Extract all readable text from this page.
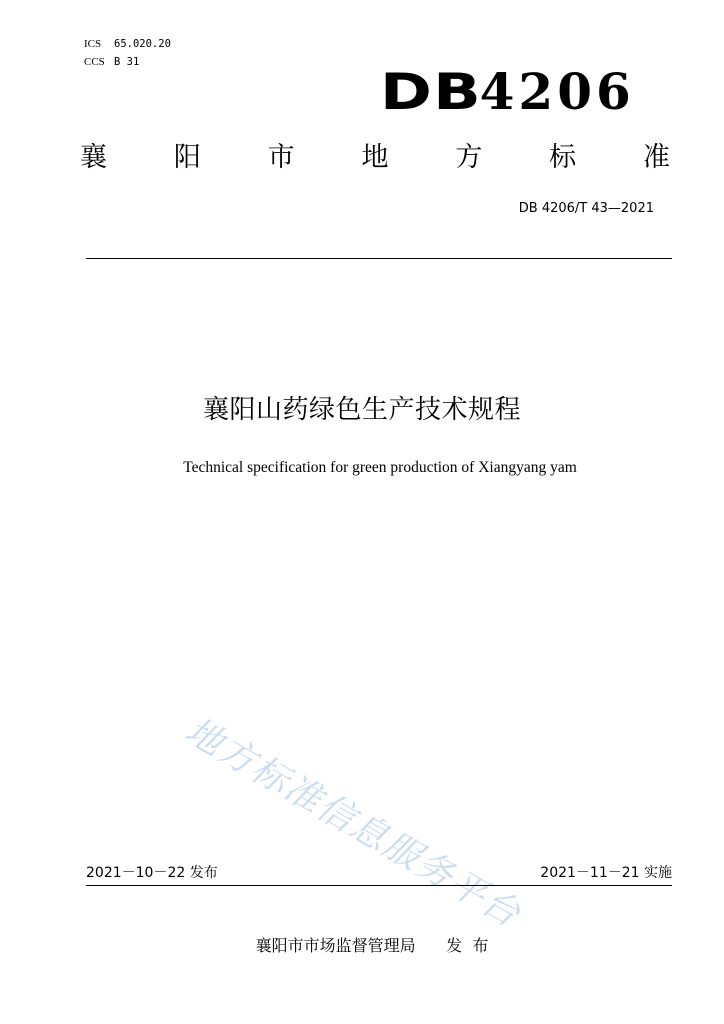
ICS 65.020.20
CCS B 31
DB4206
襄 阳 市 地 方 标 准
DB 4206/T 43—2021
襄阳山药绿色生产技术规程
Technical specification for green production of Xiangyang yam
地方标准信息服务平台
2021－10－22 发布	2021－11－21 实施
襄阳市市场监督管理局      发  布
